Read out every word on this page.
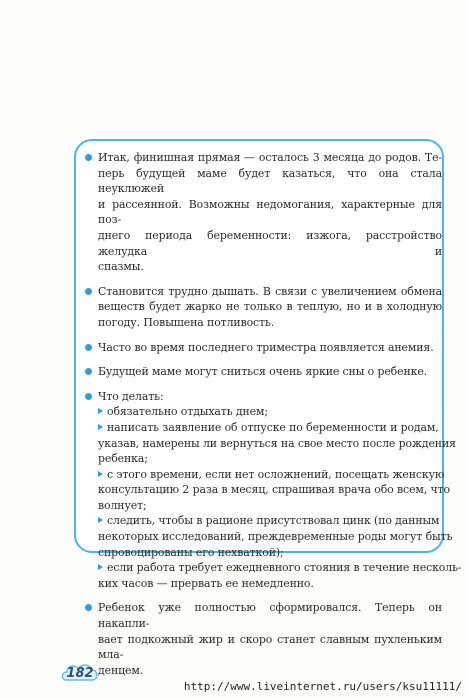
Итак, финишная прямая — осталось 3 месяца до родов. Те-
перь будущей маме будет казаться, что она стала неуклюжей
и рассеянной. Возможны недомогания, характерные для поз-
днего периода беременности: изжога, расстройство желудка и
спазмы.
Становится трудно дышать. В связи с увеличением обмена
веществ будет жарко не только в теплую, но и в холодную
погоду. Повышена потливость.
Часто во время последнего триместра появляется анемия.
Будущей маме могут сниться очень яркие сны о ребенке.
Что делать:
обязательно отдыхать днем;
написать заявление об отпуске по беременности и родам,
указав, намерены ли вернуться на свое место после рождения
ребенка;
с этого времени, если нет осложнений, посещать женскую
консультацию 2 раза в месяц, спрашивая врача обо всем, что
волнует;
следить, чтобы в рационе присутствовал цинк (по данным
некоторых исследований, преждевременные роды могут быть
спровоцированы его нехваткой);
если работа требует ежедневного стояния в течение несколь-
ких часов — прервать ее немедленно.
Ребенок уже полностью сформировался. Теперь он накапли-
вает подкожный жир и скоро станет славным пухленьким мла-
денцем.
182
http://www.liveinternet.ru/users/ksu11111/
